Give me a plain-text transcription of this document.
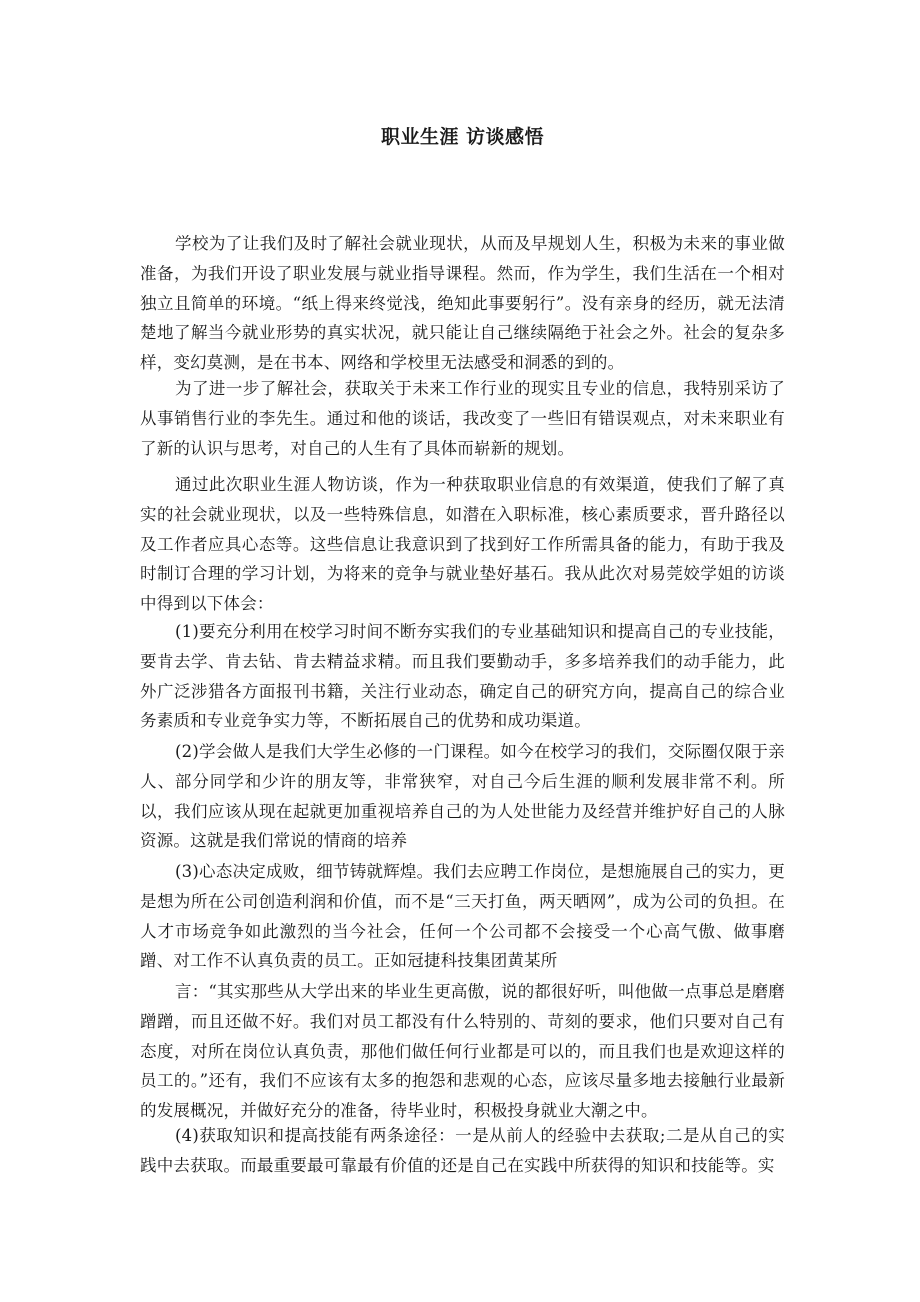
职业生涯 访谈感悟

学校为了让我们及时了解社会就业现状，从而及早规划人生，积极为未来的事业做准备，为我们开设了职业发展与就业指导课程。然而，作为学生，我们生活在一个相对独立且简单的环境。“纸上得来终觉浅，绝知此事要躬行”。没有亲身的经历，就无法清楚地了解当今就业形势的真实状况，就只能让自己继续隔绝于社会之外。社会的复杂多样，变幻莫测，是在书本、网络和学校里无法感受和洞悉的到的。

为了进一步了解社会，获取关于未来工作行业的现实且专业的信息，我特别采访了从事销售行业的李先生。通过和他的谈话，我改变了一些旧有错误观点，对未来职业有了新的认识与思考，对自己的人生有了具体而崭新的规划。

通过此次职业生涯人物访谈，作为一种获取职业信息的有效渠道，使我们了解了真实的社会就业现状，以及一些特殊信息，如潜在入职标准，核心素质要求，晋升路径以及工作者应具心态等。这些信息让我意识到了找到好工作所需具备的能力，有助于我及时制订合理的学习计划，为将来的竞争与就业垫好基石。我从此次对易莞姣学姐的访谈中得到以下体会：

(1)要充分利用在校学习时间不断夯实我们的专业基础知识和提高自己的专业技能，要肯去学、肯去钻、肯去精益求精。而且我们要勤动手，多多培养我们的动手能力，此外广泛涉猎各方面报刊书籍，关注行业动态，确定自己的研究方向，提高自己的综合业务素质和专业竞争实力等，不断拓展自己的优势和成功渠道。

(2)学会做人是我们大学生必修的一门课程。如今在校学习的我们，交际圈仅限于亲人、部分同学和少许的朋友等，非常狭窄，对自己今后生涯的顺利发展非常不利。所以，我们应该从现在起就更加重视培养自己的为人处世能力及经营并维护好自己的人脉资源。这就是我们常说的情商的培养

(3)心态决定成败，细节铸就辉煌。我们去应聘工作岗位，是想施展自己的实力，更是想为所在公司创造利润和价值，而不是“三天打鱼，两天晒网”，成为公司的负担。在人才市场竞争如此激烈的当今社会，任何一个公司都不会接受一个心高气傲、做事磨蹭、对工作不认真负责的员工。正如冠捷科技集团黄某所

言：“其实那些从大学出来的毕业生更高傲，说的都很好听，叫他做一点事总是磨磨蹭蹭，而且还做不好。我们对员工都没有什么特别的、苛刻的要求，他们只要对自己有态度，对所在岗位认真负责，那他们做任何行业都是可以的，而且我们也是欢迎这样的员工的。”还有，我们不应该有太多的抱怨和悲观的心态，应该尽量多地去接触行业最新的发展概况，并做好充分的准备，待毕业时，积极投身就业大潮之中。

(4)获取知识和提高技能有两条途径：一是从前人的经验中去获取;二是从自己的实践中去获取。而最重要最可靠最有价值的还是自己在实践中所获得的知识和技能等。实
